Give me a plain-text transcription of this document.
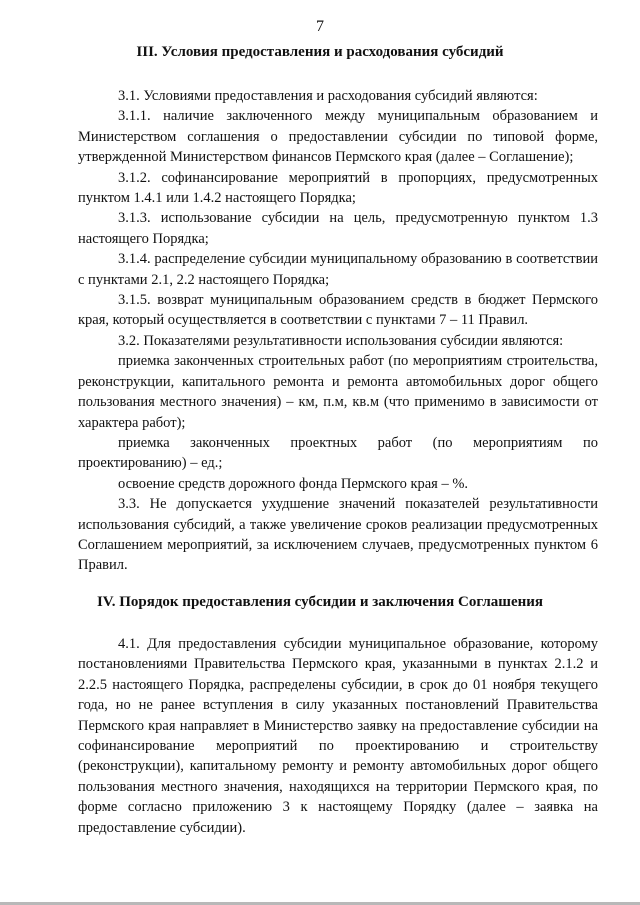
7
III. Условия предоставления и расходования субсидий

3.1. Условиями предоставления и расходования субсидий являются:

3.1.1. наличие заключенного между муниципальным образованием и Министерством соглашения о предоставлении субсидии по типовой форме, утвержденной Министерством финансов Пермского края (далее – Соглашение);

3.1.2. софинансирование мероприятий в пропорциях, предусмотренных пунктом 1.4.1 или 1.4.2 настоящего Порядка;

3.1.3. использование субсидии на цель, предусмотренную пунктом 1.3 настоящего Порядка;

3.1.4. распределение субсидии муниципальному образованию в соответствии с пунктами 2.1, 2.2 настоящего Порядка;

3.1.5. возврат муниципальным образованием средств в бюджет Пермского края, который осуществляется в соответствии с пунктами 7 – 11 Правил.

3.2. Показателями результативности использования субсидии являются:

приемка законченных строительных работ (по мероприятиям строительства, реконструкции, капитального ремонта и ремонта автомобильных дорог общего пользования местного значения) – км, п.м, кв.м (что применимо в зависимости от характера работ);

приемка законченных проектных работ (по мероприятиям по проектированию) – ед.;

освоение средств дорожного фонда Пермского края – %.

3.3. Не допускается ухудшение значений показателей результативности использования субсидий, а также увеличение сроков реализации предусмотренных Соглашением мероприятий, за исключением случаев, предусмотренных пунктом 6 Правил.

IV. Порядок предоставления субсидии и заключения Соглашения

4.1. Для предоставления субсидии муниципальное образование, которому постановлениями Правительства Пермского края, указанными в пунктах 2.1.2 и 2.2.5 настоящего Порядка, распределены субсидии, в срок до 01 ноября текущего года, но не ранее вступления в силу указанных постановлений Правительства Пермского края направляет в Министерство заявку на предоставление субсидии на софинансирование мероприятий по проектированию и строительству (реконструкции), капитальному ремонту и ремонту автомобильных дорог общего пользования местного значения, находящихся на территории Пермского края, по форме согласно приложению 3 к настоящему Порядку (далее – заявка на предоставление субсидии).
